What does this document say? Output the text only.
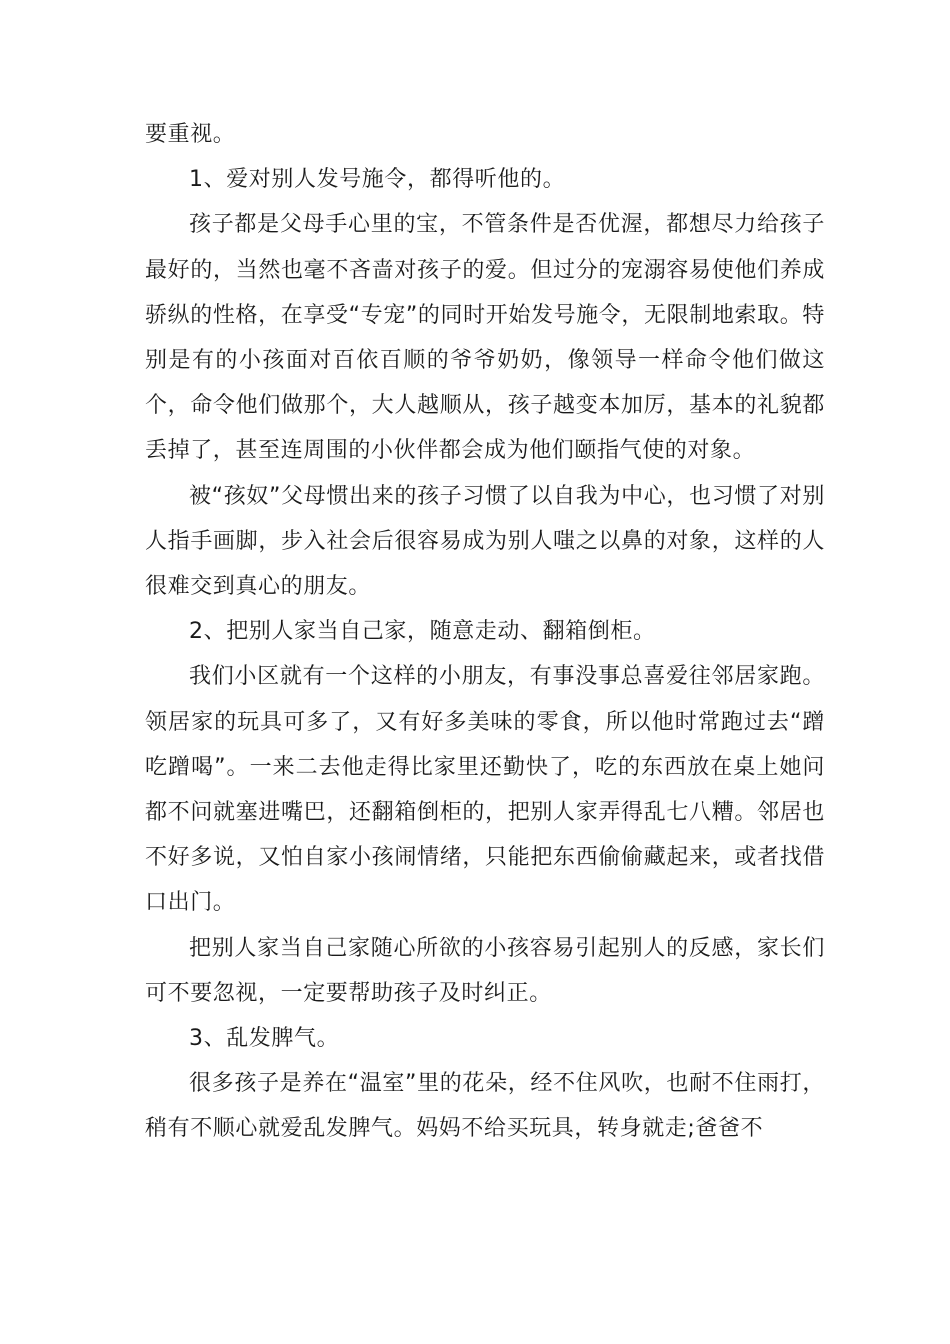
要重视。

1、爱对别人发号施令，都得听他的。

孩子都是父母手心里的宝，不管条件是否优渥，都想尽力给孩子最好的，当然也毫不吝啬对孩子的爱。但过分的宠溺容易使他们养成骄纵的性格，在享受“专宠”的同时开始发号施令，无限制地索取。特别是有的小孩面对百依百顺的爷爷奶奶，像领导一样命令他们做这个，命令他们做那个，大人越顺从，孩子越变本加厉，基本的礼貌都丢掉了，甚至连周围的小伙伴都会成为他们颐指气使的对象。

被“孩奴”父母惯出来的孩子习惯了以自我为中心，也习惯了对别人指手画脚，步入社会后很容易成为别人嗤之以鼻的对象，这样的人很难交到真心的朋友。

2、把别人家当自己家，随意走动、翻箱倒柜。

我们小区就有一个这样的小朋友，有事没事总喜爱往邻居家跑。领居家的玩具可多了，又有好多美味的零食，所以他时常跑过去“蹭吃蹭喝”。一来二去他走得比家里还勤快了，吃的东西放在桌上她问都不问就塞进嘴巴，还翻箱倒柜的，把别人家弄得乱七八糟。邻居也不好多说，又怕自家小孩闹情绪，只能把东西偷偷藏起来，或者找借口出门。

把别人家当自己家随心所欲的小孩容易引起别人的反感，家长们可不要忽视，一定要帮助孩子及时纠正。

3、乱发脾气。

很多孩子是养在“温室”里的花朵，经不住风吹，也耐不住雨打，稍有不顺心就爱乱发脾气。妈妈不给买玩具，转身就走;爸爸不
